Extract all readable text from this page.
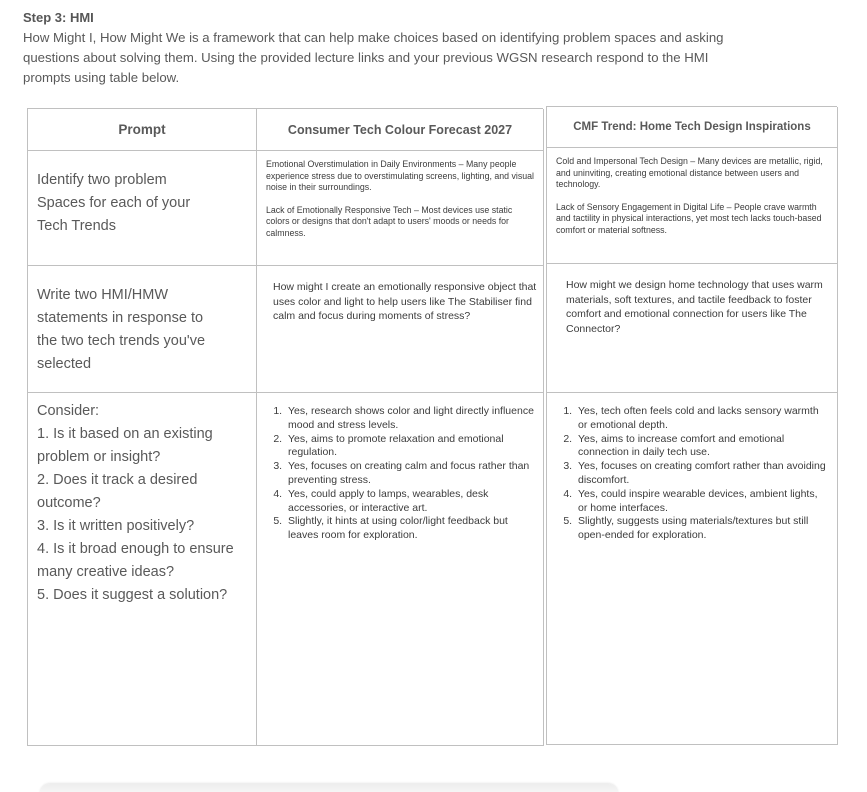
Step 3: HMI
How Might I, How Might We is a framework that can help make choices based on identifying problem spaces and asking
questions about solving them. Using the provided lecture links and your previous WGSN research respond to the HMI
prompts using table below.
Prompt	Consumer Tech Colour Forecast 2027
Identify two problem
Spaces for each of your
Tech Trends

Emotional Overstimulation in Daily Environments – Many people experience stress due to overstimulating screens, lighting, and visual noise in their surroundings.

Lack of Emotionally Responsive Tech – Most devices use static colors or designs that don't adapt to users' moods or needs for calmness.

Write two HMI/HMW
statements in response to
the two tech trends you've
selected
How might I create an emotionally responsive object that uses color and light to help users like The Stabiliser find calm and focus during moments of stress?
Consider:
1. Is it based on an existing problem or insight?
2. Does it track a desired outcome?
3. Is it written positively?
4. Is it broad enough to ensure many creative ideas?
5. Does it suggest a solution?
1. Yes, research shows color and light directly influence mood and stress levels.
2. Yes, aims to promote relaxation and emotional regulation.
3. Yes, focuses on creating calm and focus rather than preventing stress.
4. Yes, could apply to lamps, wearables, desk accessories, or interactive art.
5. Slightly, it hints at using color/light feedback but leaves room for exploration.
CMF Trend: Home Tech Design Inspirations

Cold and Impersonal Tech Design – Many devices are metallic, rigid, and uninviting, creating emotional distance between users and technology.

Lack of Sensory Engagement in Digital Life – People crave warmth and tactility in physical interactions, yet most tech lacks touch-based comfort or material softness.

How might we design home technology that uses warm materials, soft textures, and tactile feedback to foster comfort and emotional connection for users like The Connector?
1. Yes, tech often feels cold and lacks sensory warmth or emotional depth.
2. Yes, aims to increase comfort and emotional connection in daily tech use.
3. Yes, focuses on creating comfort rather than avoiding discomfort.
4. Yes, could inspire wearable devices, ambient lights, or home interfaces.
5. Slightly, suggests using materials/textures but still open-ended for exploration.
